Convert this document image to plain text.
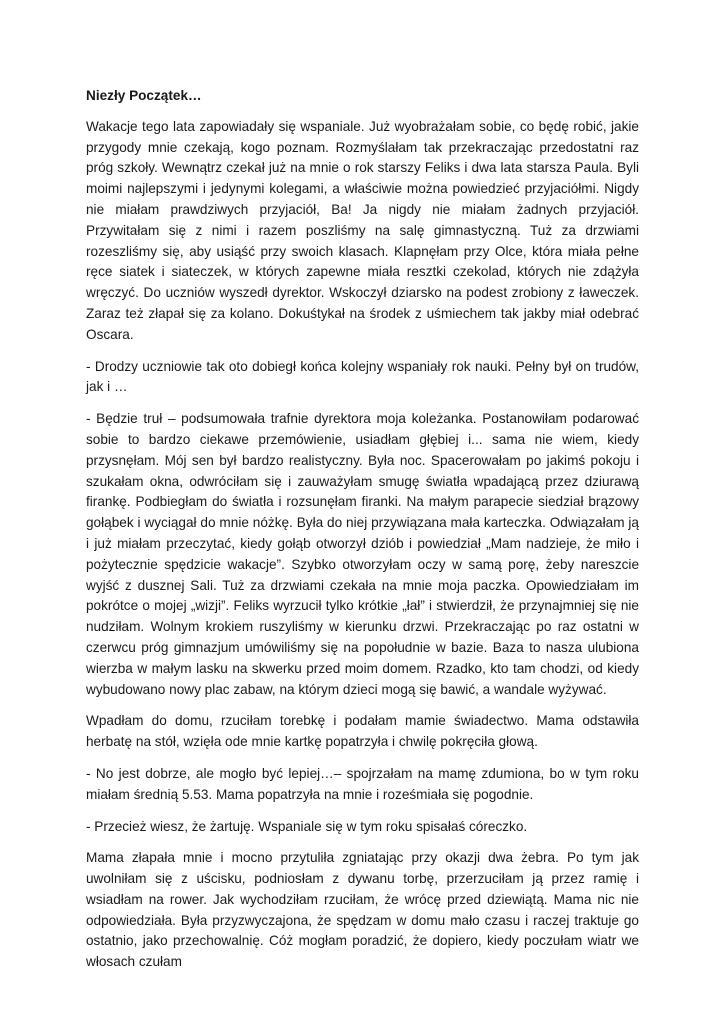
Niezły Początek…

Wakacje tego lata zapowiadały się wspaniale. Już wyobrażałam sobie, co będę robić, jakie przygody mnie czekają, kogo poznam. Rozmyślałam tak przekraczając przedostatni raz próg szkoły. Wewnątrz czekał już na mnie o rok starszy Feliks i dwa lata starsza Paula. Byli moimi najlepszymi i jedynymi kolegami, a właściwie można powiedzieć przyjaciółmi. Nigdy nie miałam prawdziwych przyjaciół, Ba! Ja nigdy nie miałam żadnych przyjaciół. Przywitałam się z nimi i razem poszliśmy na salę gimnastyczną. Tuż za drzwiami rozeszliśmy się, aby usiąść przy swoich klasach. Klapnęłam przy Olce, która miała pełne ręce siatek i siateczek, w których zapewne miała resztki czekolad, których nie zdążyła wręczyć. Do uczniów wyszedł dyrektor. Wskoczył dziarsko na podest zrobiony z ławeczek. Zaraz też złapał się za kolano. Dokuśtykał na środek z uśmiechem tak jakby miał odebrać Oscara.

- Drodzy uczniowie tak oto dobiegł końca kolejny wspaniały rok nauki. Pełny był on trudów, jak i …

- Będzie truł – podsumowała trafnie dyrektora moja koleżanka. Postanowiłam podarować sobie to bardzo ciekawe przemówienie, usiadłam głębiej i... sama nie wiem, kiedy przysnęłam. Mój sen był bardzo realistyczny. Była noc. Spacerowałam po jakimś pokoju i szukałam okna, odwróciłam się i zauważyłam smugę światła wpadającą przez dziurawą firankę. Podbiegłam do światła i rozsunęłam firanki. Na małym parapecie siedział brązowy gołąbek i wyciągał do mnie nóżkę. Była do niej przywiązana mała karteczka. Odwiązałam ją i już miałam przeczytać, kiedy gołąb otworzył dziób i powiedział „Mam nadzieje, że miło i pożytecznie spędzicie wakacje”. Szybko otworzyłam oczy w samą porę, żeby nareszcie wyjść z dusznej Sali. Tuż za drzwiami czekała na mnie moja paczka. Opowiedziałam im pokrótce o mojej „wizji”. Feliks wyrzucił tylko krótkie „łał” i stwierdził, że przynajmniej się nie nudziłam. Wolnym krokiem ruszyliśmy w kierunku drzwi. Przekraczając po raz ostatni w czerwcu próg gimnazjum umówiliśmy się na popołudnie w bazie. Baza to nasza ulubiona wierzba w małym lasku na skwerku przed moim domem. Rzadko, kto tam chodzi, od kiedy wybudowano nowy plac zabaw, na którym dzieci mogą się bawić, a wandale wyżywać.

Wpadłam do domu, rzuciłam torebkę i podałam mamie świadectwo. Mama odstawiła herbatę na stół, wzięła ode mnie kartkę popatrzyła i chwilę pokręciła głową.

- No jest dobrze, ale mogło być lepiej…– spojrzałam na mamę zdumiona, bo w tym roku miałam średnią 5.53. Mama popatrzyła na mnie i roześmiała się pogodnie.

- Przecież wiesz, że żartuję. Wspaniale się w tym roku spisałaś córeczko.

Mama złapała mnie i mocno przytuliła zgniatając przy okazji dwa żebra. Po tym jak uwolniłam się z uścisku, podniosłam z dywanu torbę, przerzuciłam ją przez ramię i wsiadłam na rower. Jak wychodziłam rzuciłam, że wrócę przed dziewiątą. Mama nic nie odpowiedziała. Była przyzwyczajona, że spędzam w domu mało czasu i raczej traktuje go ostatnio, jako przechowalnię. Cóż mogłam poradzić, że dopiero, kiedy poczułam wiatr we włosach czułam
